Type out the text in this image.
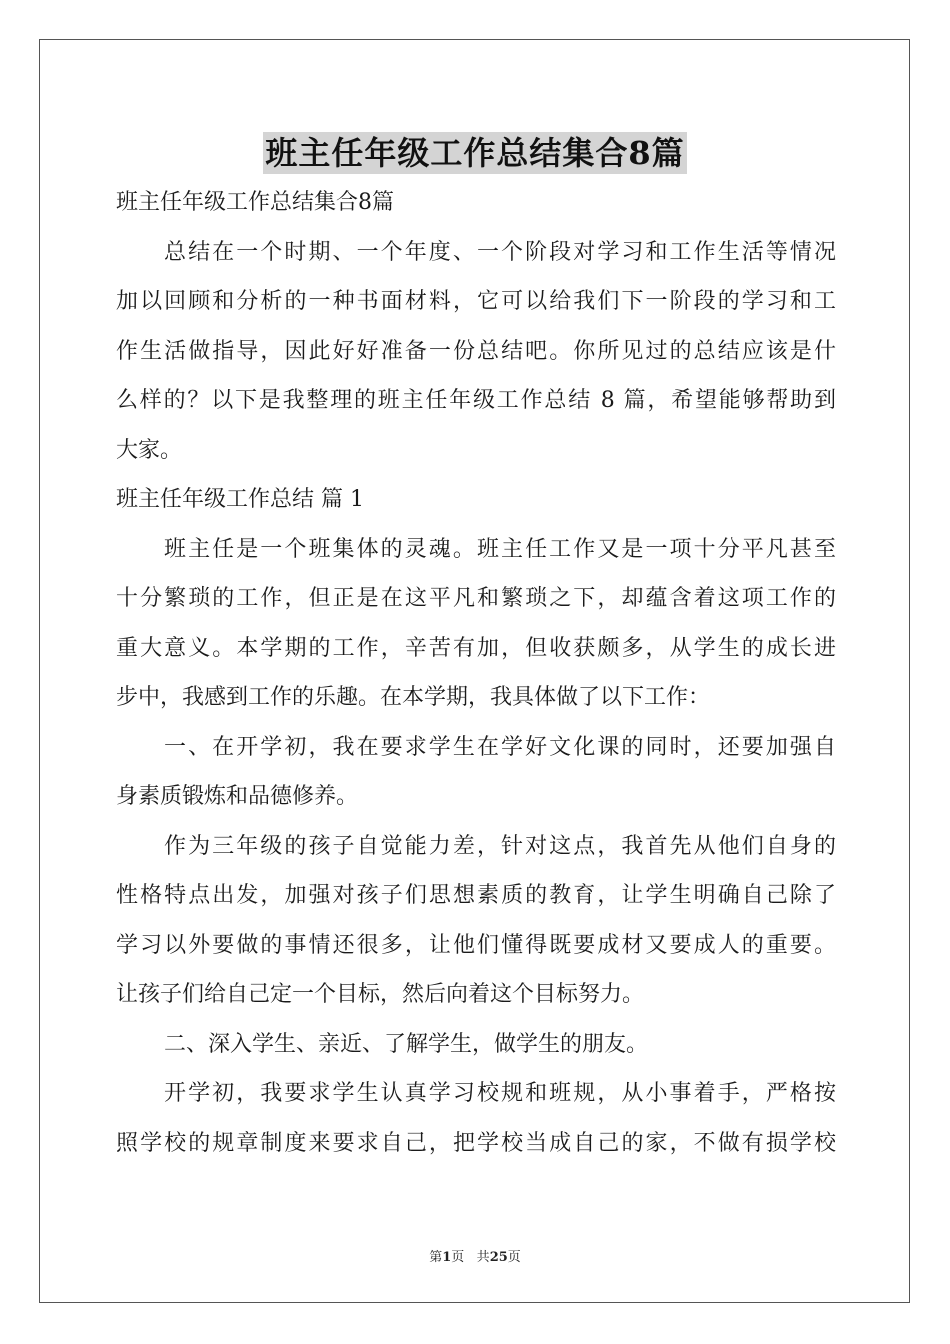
班主任年级工作总结集合8篇
班主任年级工作总结集合8篇
总结在一个时期、一个年度、一个阶段对学习和工作生活等情况
加以回顾和分析的一种书面材料，它可以给我们下一阶段的学习和工
作生活做指导，因此好好准备一份总结吧。你所见过的总结应该是什
么样的？以下是我整理的班主任年级工作总结 8 篇，希望能够帮助到
大家。
班主任年级工作总结 篇 1
班主任是一个班集体的灵魂。班主任工作又是一项十分平凡甚至
十分繁琐的工作，但正是在这平凡和繁琐之下，却蕴含着这项工作的
重大意义。本学期的工作，辛苦有加，但收获颇多，从学生的成长进
步中，我感到工作的乐趣。在本学期，我具体做了以下工作：
一、在开学初，我在要求学生在学好文化课的同时，还要加强自
身素质锻炼和品德修养。
作为三年级的孩子自觉能力差，针对这点，我首先从他们自身的
性格特点出发，加强对孩子们思想素质的教育，让学生明确自己除了
学习以外要做的事情还很多，让他们懂得既要成材又要成人的重要。
让孩子们给自己定一个目标，然后向着这个目标努力。
二、深入学生、亲近、了解学生，做学生的朋友。
开学初，我要求学生认真学习校规和班规，从小事着手，严格按
照学校的规章制度来要求自己，把学校当成自己的家，不做有损学校
第1页 共25页
